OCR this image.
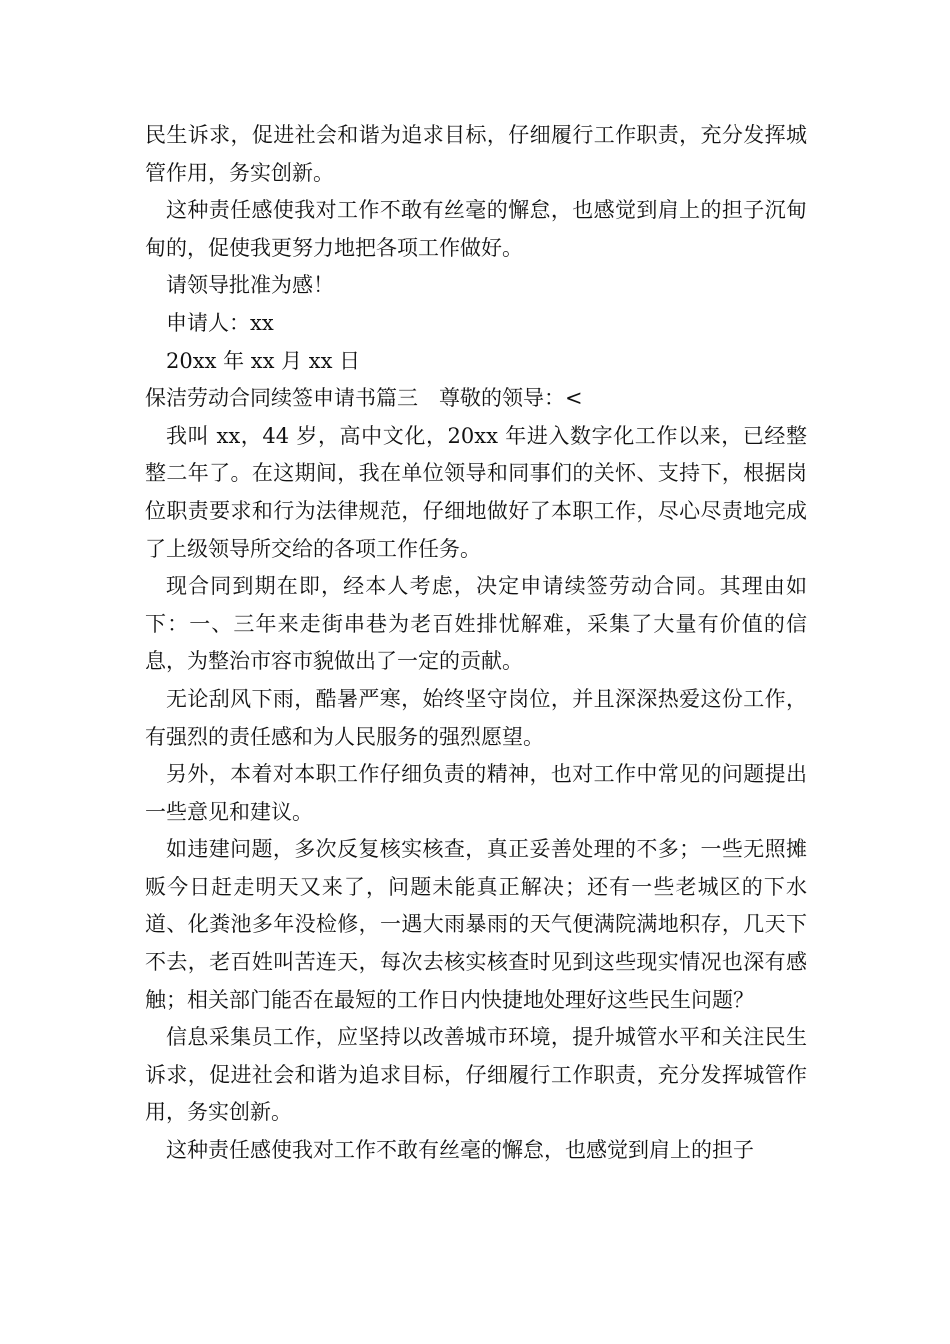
民生诉求，促进社会和谐为追求目标，仔细履行工作职责，充分发挥城管作用，务实创新。

这种责任感使我对工作不敢有丝毫的懈怠，也感觉到肩上的担子沉甸甸的，促使我更努力地把各项工作做好。

请领导批准为感！

申请人：xx

20xx 年 xx 月 xx 日

保洁劳动合同续签申请书篇三　尊敬的领导：<

我叫 xx，44 岁，高中文化，20xx 年进入数字化工作以来，已经整整二年了。在这期间，我在单位领导和同事们的关怀、支持下，根据岗位职责要求和行为法律规范，仔细地做好了本职工作，尽心尽责地完成了上级领导所交给的各项工作任务。

现合同到期在即，经本人考虑，决定申请续签劳动合同。其理由如下：一、三年来走街串巷为老百姓排忧解难，采集了大量有价值的信息，为整治市容市貌做出了一定的贡献。

无论刮风下雨，酷暑严寒，始终坚守岗位，并且深深热爱这份工作，有强烈的责任感和为人民服务的强烈愿望。

另外，本着对本职工作仔细负责的精神，也对工作中常见的问题提出一些意见和建议。

如违建问题，多次反复核实核查，真正妥善处理的不多；一些无照摊贩今日赶走明天又来了，问题未能真正解决；还有一些老城区的下水道、化粪池多年没检修，一遇大雨暴雨的天气便满院满地积存，几天下不去，老百姓叫苦连天，每次去核实核查时见到这些现实情况也深有感触；相关部门能否在最短的工作日内快捷地处理好这些民生问题？

信息采集员工作，应坚持以改善城市环境，提升城管水平和关注民生诉求，促进社会和谐为追求目标，仔细履行工作职责，充分发挥城管作用，务实创新。

这种责任感使我对工作不敢有丝毫的懈怠，也感觉到肩上的担子
